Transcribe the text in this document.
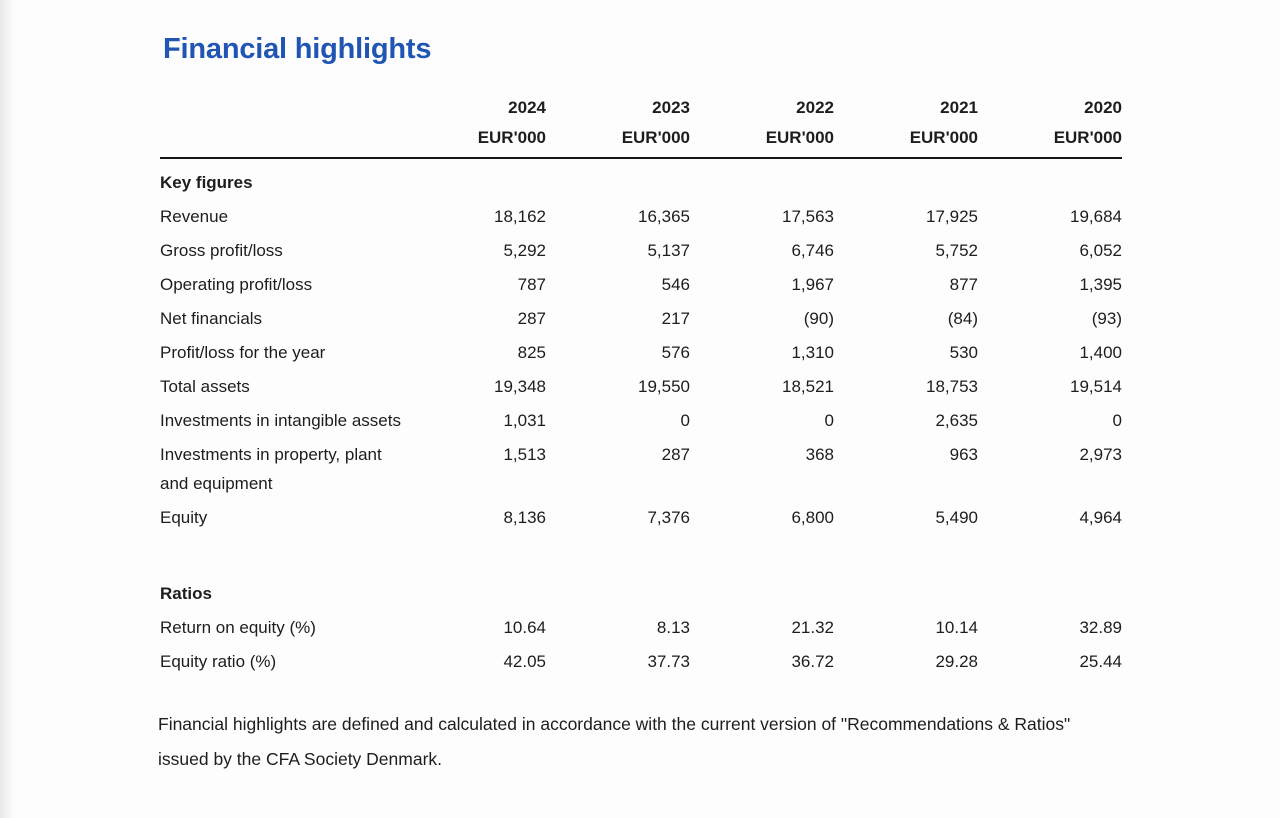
Financial highlights
	2024	2023	2022	2021	2020
	EUR'000	EUR'000	EUR'000	EUR'000	EUR'000
Key figures					
Revenue	18,162	16,365	17,563	17,925	19,684
Gross profit/loss	5,292	5,137	6,746	5,752	6,052
Operating profit/loss	787	546	1,967	877	1,395
Net financials	287	217	(90)	(84)	(93)
Profit/loss for the year	825	576	1,310	530	1,400
Total assets	19,348	19,550	18,521	18,753	19,514
Investments in intangible assets	1,031	0	0	2,635	0
Investments in property, plant and equipment	1,513	287	368	963	2,973
Equity	8,136	7,376	6,800	5,490	4,964
Ratios					
Return on equity (%)	10.64	8.13	21.32	10.14	32.89
Equity ratio (%)	42.05	37.73	36.72	29.28	25.44

Financial highlights are defined and calculated in accordance with the current version of "Recommendations & Ratios" issued by the CFA Society Denmark.
